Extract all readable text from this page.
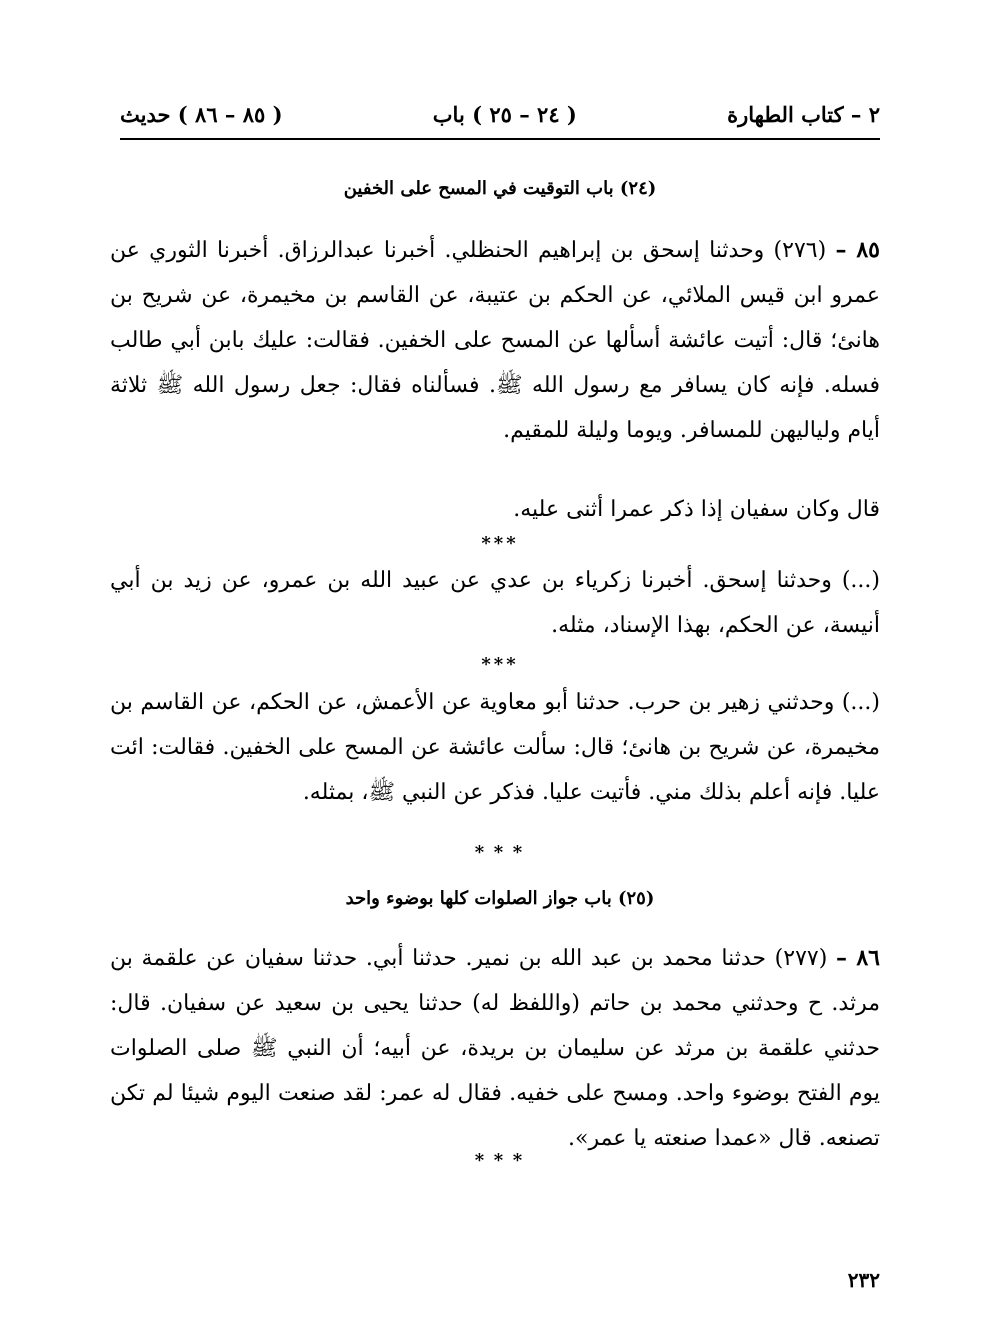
٢ – كتاب الطهارة
( ٢٤ – ٢٥ ) باب
( ٨٥ – ٨٦ ) حديث
(٢٤) باب التوقيت في المسح على الخفين
٨٥ – (٢٧٦) وحدثنا إسحق بن إبراهيم الحنظلي. أخبرنا عبدالرزاق. أخبرنا الثوري عن عمرو ابن قيس الملائي، عن الحكم بن عتيبة، عن القاسم بن مخيمرة، عن شريح بن هانئ؛ قال: أتيت عائشة أسألها عن المسح على الخفين. فقالت: عليك بابن أبي طالب فسله. فإنه كان يسافر مع رسول الله ﷺ. فسألناه فقال: جعل رسول الله ﷺ ثلاثة أيام ولياليهن للمسافر. ويوما وليلة للمقيم.
قال وكان سفيان إذا ذكر عمرا أثنى عليه.
***
(...) وحدثنا إسحق. أخبرنا زكرياء بن عدي عن عبيد الله بن عمرو، عن زيد بن أبي أنيسة، عن الحكم، بهذا الإسناد، مثله.
***
(...) وحدثني زهير بن حرب. حدثنا أبو معاوية عن الأعمش، عن الحكم، عن القاسم بن مخيمرة، عن شريح بن هانئ؛ قال: سألت عائشة عن المسح على الخفين. فقالت: ائت عليا. فإنه أعلم بذلك مني. فأتيت عليا. فذكر عن النبي ﷺ، بمثله.
* * *
(٢٥) باب جواز الصلوات كلها بوضوء واحد
٨٦ – (٢٧٧) حدثنا محمد بن عبد الله بن نمير. حدثنا أبي. حدثنا سفيان عن علقمة بن مرثد. ح وحدثني محمد بن حاتم (واللفظ له) حدثنا يحيى بن سعيد عن سفيان. قال: حدثني علقمة بن مرثد عن سليمان بن بريدة، عن أبيه؛ أن النبي ﷺ صلى الصلوات يوم الفتح بوضوء واحد. ومسح على خفيه. فقال له عمر: لقد صنعت اليوم شيئا لم تكن تصنعه. قال «عمدا صنعته يا عمر».
* * *
٢٣٢
